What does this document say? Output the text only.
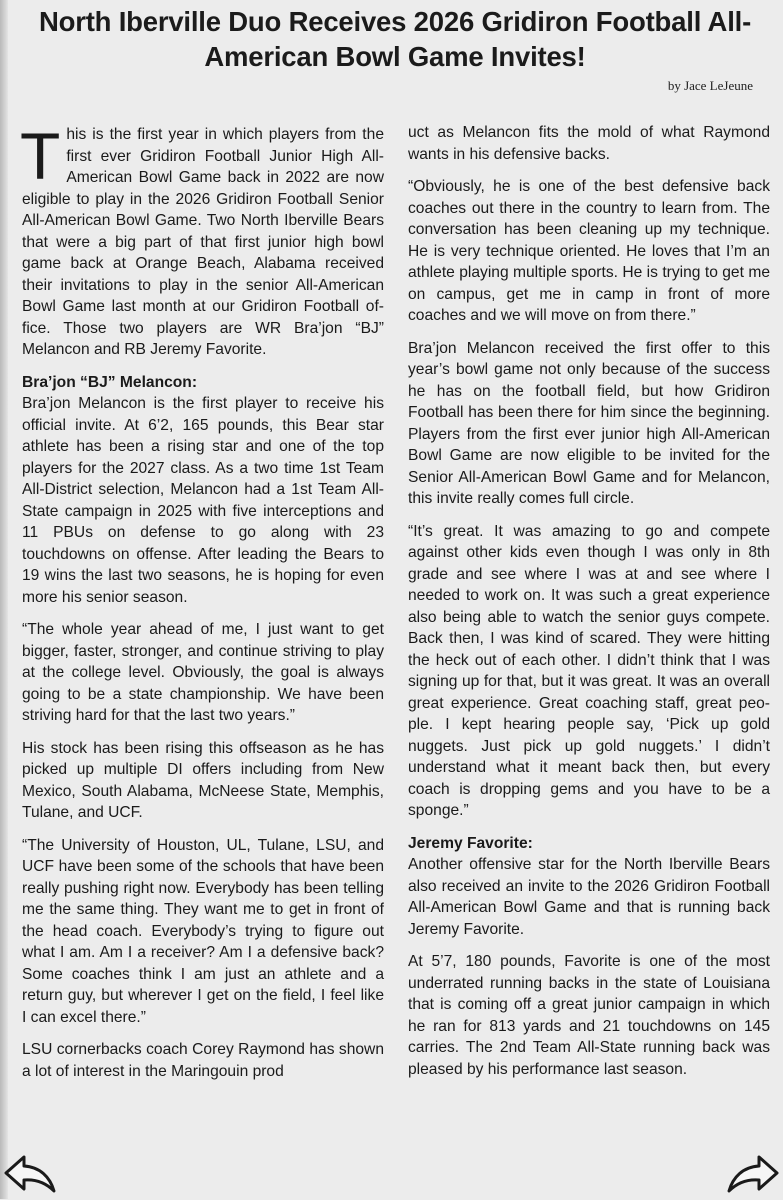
North Iberville Duo Receives 2026 Gridiron Football All-American Bowl Game Invites!
by Jace LeJeune
T his is the first year in which players from the first ever Gridiron Football Junior High All-American Bowl Game back in 2022 are now eligible to play in the 2026 Gridiron Football Senior All-American Bowl Game. Two North Iberville Bears that were a big part of that first junior high bowl game back at Orange Beach, Alabama received their invitations to play in the senior All-American Bowl Game last month at our Gridiron Football office. Those two players are WR Bra’jon “BJ” Melancon and RB Jeremy Favorite.

Bra’jon “BJ” Melancon:

Bra’jon Melancon is the first player to receive his official invite. At 6’2, 165 pounds, this Bear star athlete has been a rising star and one of the top players for the 2027 class. As a two time 1st Team All-District selection, Melancon had a 1st Team All-State campaign in 2025 with five interceptions and 11 PBUs on defense to go along with 23 touchdowns on offense. After leading the Bears to 19 wins the last two seasons, he is hoping for even more his senior season.

“The whole year ahead of me, I just want to get bigger, faster, stronger, and continue striving to play at the college level. Obviously, the goal is always going to be a state championship. We have been striving hard for that the last two years.”

His stock has been rising this offseason as he has picked up multiple DI offers including from New Mexico, South Alabama, McNeese State, Memphis, Tulane, and UCF.

“The University of Houston, UL, Tulane, LSU, and UCF have been some of the schools that have been really pushing right now. Everybody has been telling me the same thing. They want me to get in front of the head coach. Everybody’s trying to figure out what I am. Am I a receiver? Am I a defensive back? Some coaches think I am just an athlete and a return guy, but wherever I get on the field, I feel like I can excel there.”

LSU cornerbacks coach Corey Raymond has shown a lot of interest in the Maringouin prod

uct as Melancon fits the mold of what Raymond wants in his defensive backs.

“Obviously, he is one of the best defensive back coaches out there in the country to learn from. The conversation has been cleaning up my technique. He is very technique oriented. He loves that I’m an athlete playing multiple sports. He is trying to get me on campus, get me in camp in front of more coaches and we will move on from there.”

Bra’jon Melancon received the first offer to this year’s bowl game not only because of the success he has on the football field, but how Gridiron Football has been there for him since the beginning. Players from the first ever junior high All-American Bowl Game are now eligible to be invited for the Senior All-American Bowl Game and for Melancon, this invite really comes full circle.

“It’s great. It was amazing to go and compete against other kids even though I was only in 8th grade and see where I was at and see where I needed to work on. It was such a great experience also being able to watch the senior guys compete. Back then, I was kind of scared. They were hitting the heck out of each other. I didn’t think that I was signing up for that, but it was great. It was an overall great experience. Great coaching staff, great people. I kept hearing people say, ‘Pick up gold nuggets. Just pick up gold nuggets.’ I didn’t understand what it meant back then, but every coach is dropping gems and you have to be a sponge.”

Jeremy Favorite:

Another offensive star for the North Iberville Bears also received an invite to the 2026 Gridiron Football All-American Bowl Game and that is running back Jeremy Favorite.

At 5’7, 180 pounds, Favorite is one of the most underrated running backs in the state of Louisiana that is coming off a great junior campaign in which he ran for 813 yards and 21 touchdowns on 145 carries. The 2nd Team All-State running back was pleased by his performance last season.
